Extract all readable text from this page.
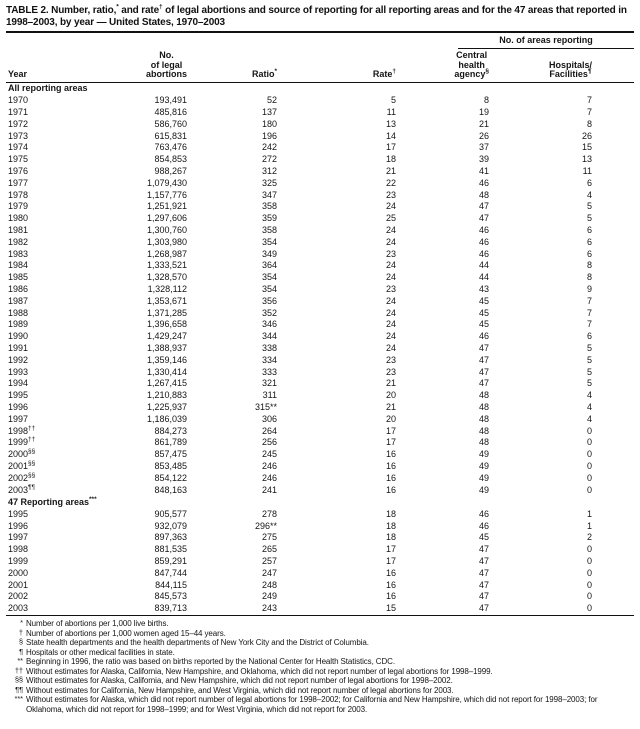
TABLE 2. Number, ratio,* and rate† of legal abortions and source of reporting for all reporting areas and for the 47 areas that reported in 1998–2003, by year — United States, 1970–2003

				No. of areas reporting		

Year	No.
of legal
abortions	Ratio*	Rate†	Central
health
agency§	Hospitals/
Facilities¶	
All reporting areas						
1970	193,491	52	5	8	7	
1971	485,816	137	11	19	7	
1972	586,760	180	13	21	8	
1973	615,831	196	14	26	26	
1974	763,476	242	17	37	15	
1975	854,853	272	18	39	13	
1976	988,267	312	21	41	11	
1977	1,079,430	325	22	46	6	
1978	1,157,776	347	23	48	4	
1979	1,251,921	358	24	47	5	
1980	1,297,606	359	25	47	5	
1981	1,300,760	358	24	46	6	
1982	1,303,980	354	24	46	6	
1983	1,268,987	349	23	46	6	
1984	1,333,521	364	24	44	8	
1985	1,328,570	354	24	44	8	
1986	1,328,112	354	23	43	9	
1987	1,353,671	356	24	45	7	
1988	1,371,285	352	24	45	7	
1989	1,396,658	346	24	45	7	
1990	1,429,247	344	24	46	6	
1991	1,388,937	338	24	47	5	
1992	1,359,146	334	23	47	5	
1993	1,330,414	333	23	47	5	
1994	1,267,415	321	21	47	5	
1995	1,210,883	311	20	48	4	
1996	1,225,937	315**	21	48	4	
1997	1,186,039	306	20	48	4	
1998††	884,273	264	17	48	0	
1999††	861,789	256	17	48	0	
2000§§	857,475	245	16	49	0	
2001§§	853,485	246	16	49	0	
2002§§	854,122	246	16	49	0	
2003¶¶	848,163	241	16	49	0	
47 Reporting areas***
1995	905,577	278	18	46	1	
1996	932,079	296**	18	46	1	
1997	897,363	275	18	45	2	
1998	881,535	265	17	47	0	
1999	859,291	257	17	47	0	
2000	847,744	247	16	47	0	
2001	844,115	248	16	47	0	
2002	845,573	249	16	47	0	
2003	839,713	243	15	47	0	
* Number of abortions per 1,000 live births.
† Number of abortions per 1,000 women aged 15–44 years.
§ State health departments and the health departments of New York City and the District of Columbia.
¶ Hospitals or other medical facilities in state.
** Beginning in 1996, the ratio was based on births reported by the National Center for Health Statistics, CDC.
†† Without estimates for Alaska, California, New Hampshire, and Oklahoma, which did not report number of legal abortions for 1998–1999.
§§ Without estimates for Alaska, California, and New Hampshire, which did not report number of legal abortions for 1998–2002.
¶¶ Without estimates for California, New Hampshire, and West Virginia, which did not report number of legal abortions for 2003.
*** Without estimates for Alaska, which did not report number of legal abortions for 1998–2002; for California and New Hampshire, which did not report for 1998–2003; for Oklahoma, which did not report for 1998–1999; and for West Virginia, which did not report for 2003.
